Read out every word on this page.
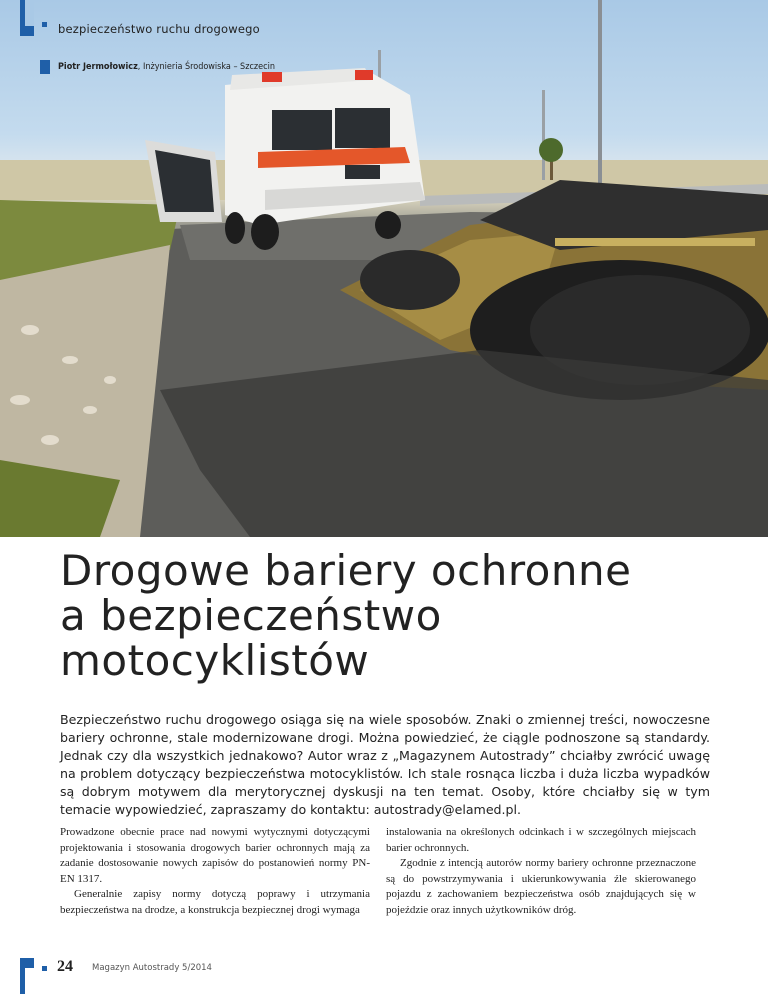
bezpieczeństwo ruchu drogowego
Piotr Jermołowicz, Inżynieria Środowiska – Szczecin
Drogowe bariery ochronne
a bezpieczeństwo
motocyklistów
Bezpieczeństwo ruchu drogowego osiąga się na wiele sposobów. Znaki o zmiennej treści, nowoczesne bariery ochronne, stale modernizowane drogi. Można powiedzieć, że ciągle podnoszone są standardy. Jednak czy dla wszystkich jednakowo? Autor wraz z „Magazynem Autostrady” chciałby zwrócić uwagę na problem dotyczący bezpieczeństwa motocyklistów. Ich stale rosnąca liczba i duża liczba wypadków są dobrym motywem dla merytorycznej dyskusji na ten temat. Osoby, które chciałby się w tym temacie wypowiedzieć, zapraszamy do kontaktu: autostrady@elamed.pl.

Prowadzone obecnie prace nad nowymi wytycznymi dotyczącymi projektowania i stosowania drogowych barier ochronnych mają za zadanie dostosowanie nowych zapisów do postanowień normy PN-EN 1317.

Generalnie zapisy normy dotyczą poprawy i utrzymania bezpieczeństwa na drodze, a konstrukcja bezpiecznej drogi wymaga

instalowania na określonych odcinkach i w szczególnych miejscach barier ochronnych.

Zgodnie z intencją autorów normy bariery ochronne przeznaczone są do powstrzymywania i ukierunkowywania źle skierowanego pojazdu z zachowaniem bezpieczeństwa osób znajdujących się w pojeździe oraz innych użytkowników dróg.

24 Magazyn Autostrady 5/2014
